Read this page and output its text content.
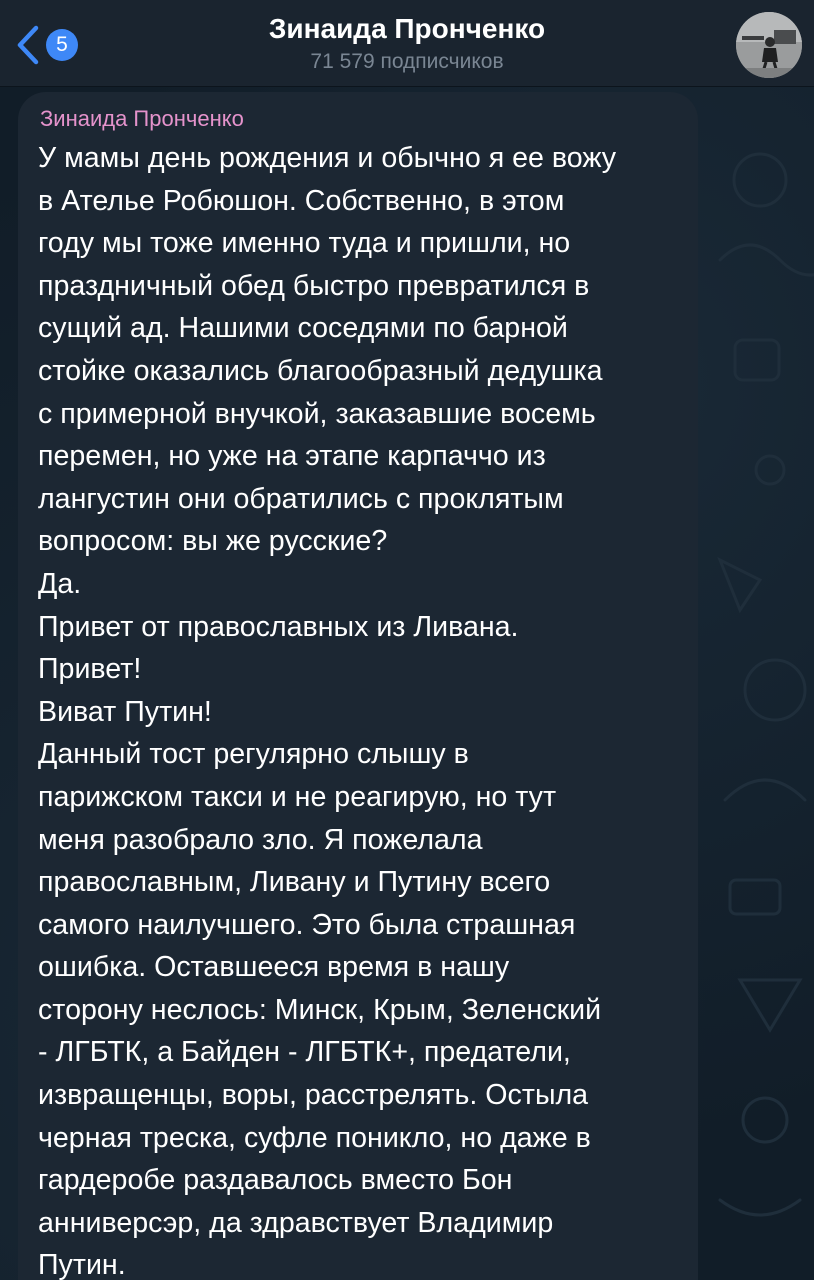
5
Зинаида Пронченко
71 579 подписчиков
Зинаида Пронченко
У мамы день рождения и обычно я ее вожу
в Ателье Робюшон. Собственно, в этом
году мы тоже именно туда и пришли, но
праздничный обед быстро превратился в
сущий ад. Нашими соседями по барной
стойке оказались благообразный дедушка
с примерной внучкой, заказавшие восемь
перемен, но уже на этапе карпаччо из
лангустин они обратились с проклятым
вопросом: вы же русские?
Да.
Привет от православных из Ливана.
Привет!
Виват Путин!
Данный тост регулярно слышу в
парижском такси и не реагирую, но тут
меня разобрало зло. Я пожелала
православным, Ливану и Путину всего
самого наилучшего. Это была страшная
ошибка. Оставшееся время в нашу
сторону неслось: Минск, Крым, Зеленский
- ЛГБТК, а Байден - ЛГБТК+, предатели,
извращенцы, воры, расстрелять. Остыла
черная треска, суфле поникло, но даже в
гардеробе раздавалось вместо Бон
анниверсэр, да здравствует Владимир
Путин.
